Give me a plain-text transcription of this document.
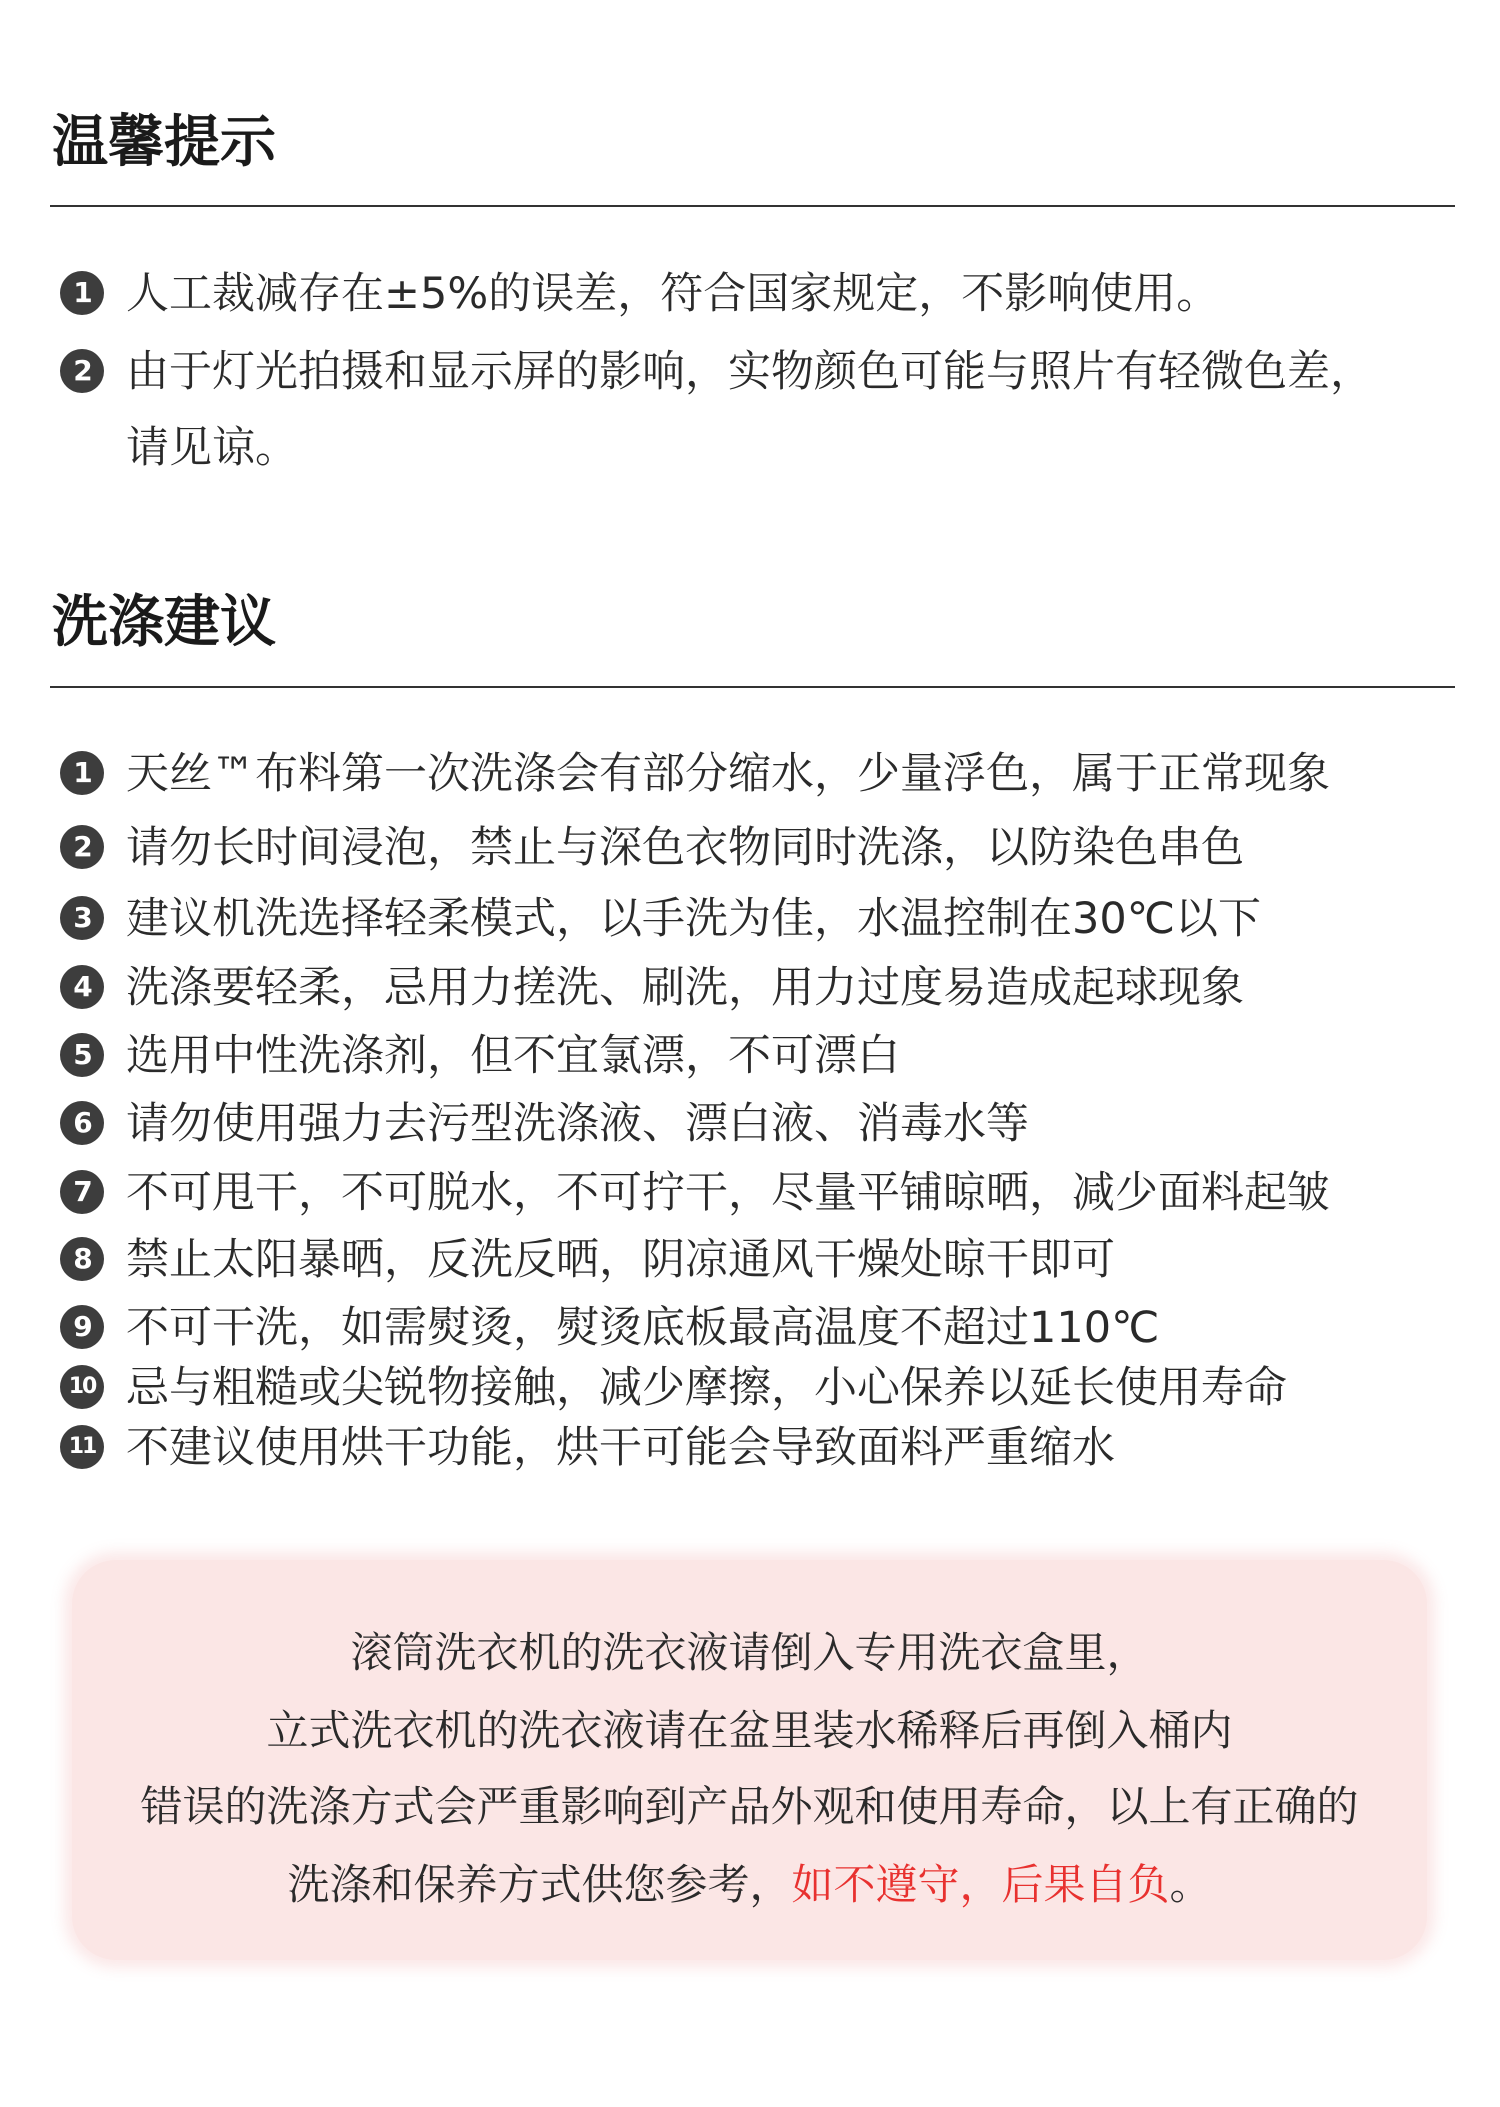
温馨提示
1 人工裁减存在±5%的误差，符合国家规定，不影响使用。
2 由于灯光拍摄和显示屏的影响，实物颜色可能与照片有轻微色差，
请见谅。
洗涤建议
1 天丝™布料第一次洗涤会有部分缩水，少量浮色，属于正常现象
2 请勿长时间浸泡，禁止与深色衣物同时洗涤，以防染色串色
3 建议机洗选择轻柔模式，以手洗为佳，水温控制在30℃以下
4 洗涤要轻柔，忌用力搓洗、刷洗，用力过度易造成起球现象
5 选用中性洗涤剂，但不宜氯漂，不可漂白
6 请勿使用强力去污型洗涤液、漂白液、消毒水等
7 不可甩干，不可脱水，不可拧干，尽量平铺晾晒，减少面料起皱
8 禁止太阳暴晒，反洗反晒，阴凉通风干燥处晾干即可
9 不可干洗，如需熨烫，熨烫底板最高温度不超过110℃
10 忌与粗糙或尖锐物接触，减少摩擦，小心保养以延长使用寿命
11 不建议使用烘干功能，烘干可能会导致面料严重缩水
滚筒洗衣机的洗衣液请倒入专用洗衣盒里，
立式洗衣机的洗衣液请在盆里装水稀释后再倒入桶内
错误的洗涤方式会严重影响到产品外观和使用寿命，以上有正确的
洗涤和保养方式供您参考，如不遵守，后果自负。
